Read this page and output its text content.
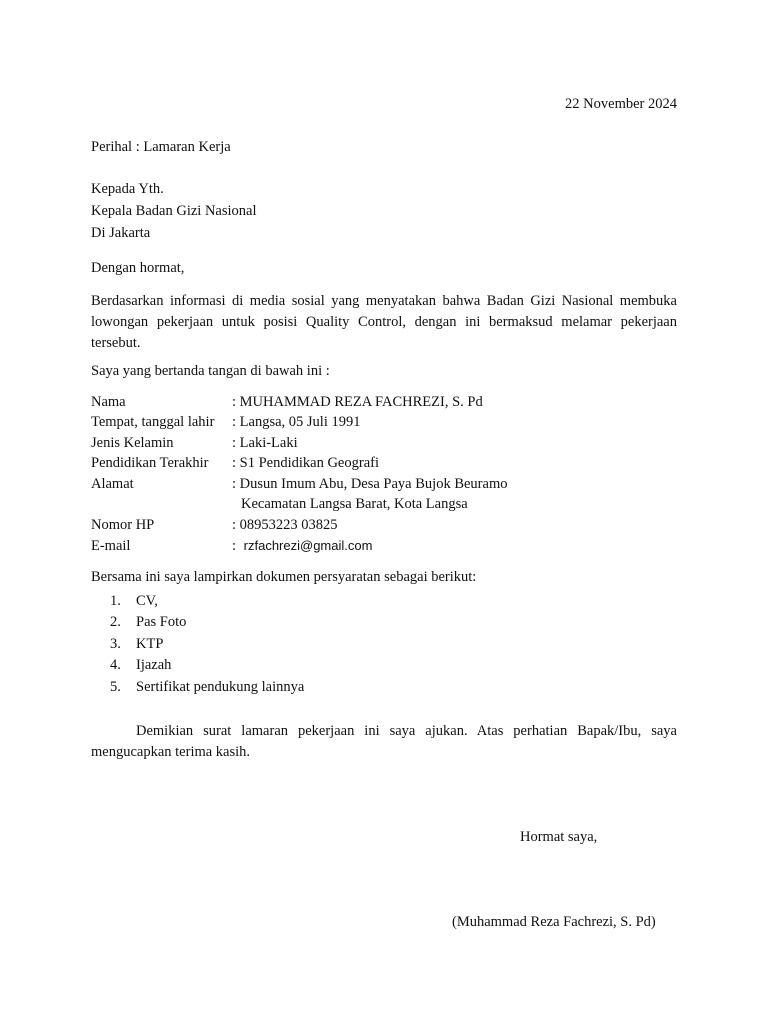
22 November 2024
Perihal : Lamaran Kerja
Kepada Yth.
Kepala Badan Gizi Nasional
Di Jakarta
Dengan hormat,
Berdasarkan informasi di media sosial yang menyatakan bahwa Badan Gizi Nasional membuka lowongan pekerjaan untuk posisi Quality Control, dengan ini bermaksud melamar pekerjaan tersebut.
Saya yang bertanda tangan di bawah ini :
Nama	: MUHAMMAD REZA FACHREZI, S. Pd
Tempat, tanggal lahir : Langsa, 05 Juli 1991
Jenis Kelamin	: Laki-Laki
Pendidikan Terakhir : S1 Pendidikan Geografi
Alamat	: Dusun Imum Abu, Desa Paya Bujok Beuramo
Kecamatan Langsa Barat, Kota Langsa
Nomor HP	: 08953223 03825
E-mail	: rzfachrezi@gmail.com
Bersama ini saya lampirkan dokumen persyaratan sebagai berikut:
1. CV,
2. Pas Foto
3. KTP
4. Ijazah
5. Sertifikat pendukung lainnya
Demikian surat lamaran pekerjaan ini saya ajukan. Atas perhatian Bapak/Ibu, saya mengucapkan terima kasih.
Hormat saya,
(Muhammad Reza Fachrezi, S. Pd)
